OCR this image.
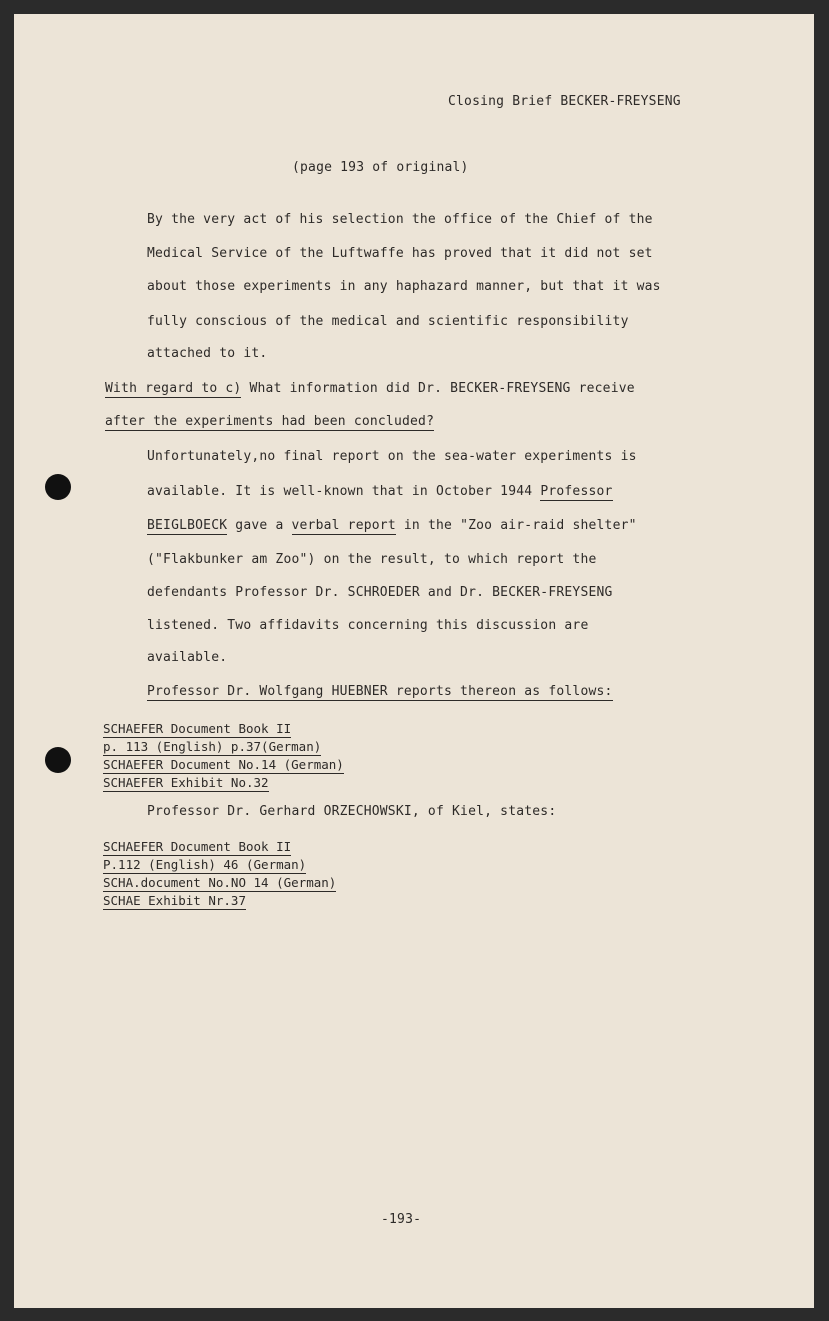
Closing Brief BECKER-FREYSENG
(page 193 of original)
By the very act of his selection the office of the Chief of the
Medical Service of the Luftwaffe has proved that it did not set
about those experiments in any haphazard manner, but that it was
fully conscious of the medical and scientific responsibility
attached to it.
With regard to c) What information did Dr. BECKER-FREYSENG receive
after the experiments had been concluded?
Unfortunately,no final report on the sea-water experiments is
available. It is well-known that in October 1944 Professor
BEIGLBOECK gave a verbal report in the "Zoo air-raid shelter"
("Flakbunker am Zoo") on the result, to which report the
defendants Professor Dr. SCHROEDER and Dr. BECKER-FREYSENG
listened. Two affidavits concerning this discussion are
available.
Professor Dr. Wolfgang HUEBNER reports thereon as follows:
SCHAEFER Document Book II
p. 113 (English) p.37(German)
SCHAEFER Document No.14 (German)
SCHAEFER Exhibit No.32
Professor Dr. Gerhard ORZECHOWSKI, of Kiel, states:
SCHAEFER Document Book II
P.112 (English) 46 (German)
SCHA.document No.NO 14 (German)
SCHAE Exhibit Nr.37
-193-
